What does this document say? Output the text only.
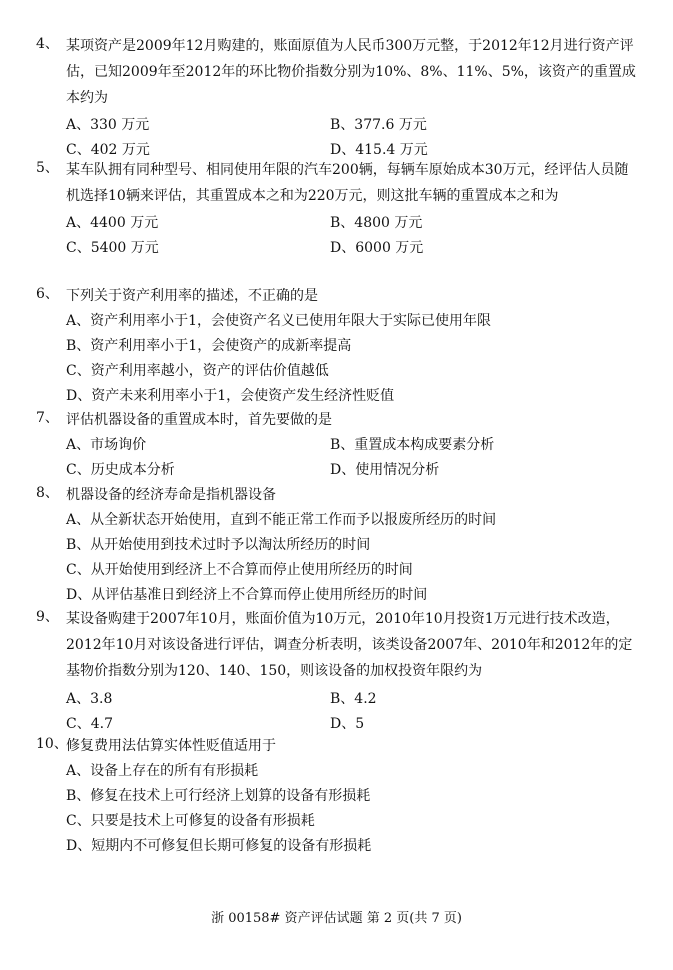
4、 某项资产是2009年12月购建的，账面原值为人民币300万元整，于2012年12月进行资产评估，已知2009年至2012年的环比物价指数分别为10%、8%、11%、5%，该资产的重置成本约为
A、330 万元	B、377.6 万元
C、402 万元	D、415.4 万元
5、 某车队拥有同种型号、相同使用年限的汽车200辆，每辆车原始成本30万元，经评估人员随机选择10辆来评估，其重置成本之和为220万元，则这批车辆的重置成本之和为
A、4400 万元	B、4800 万元
C、5400 万元	D、6000 万元
6、 下列关于资产利用率的描述，不正确的是
A、资产利用率小于1，会使资产名义已使用年限大于实际已使用年限
B、资产利用率小于1，会使资产的成新率提高
C、资产利用率越小，资产的评估价值越低
D、资产未来利用率小于1，会使资产发生经济性贬值
7、 评估机器设备的重置成本时，首先要做的是
A、市场询价	B、重置成本构成要素分析
C、历史成本分析	D、使用情况分析
8、 机器设备的经济寿命是指机器设备
A、从全新状态开始使用，直到不能正常工作而予以报废所经历的时间
B、从开始使用到技术过时予以淘汰所经历的时间
C、从开始使用到经济上不合算而停止使用所经历的时间
D、从评估基准日到经济上不合算而停止使用所经历的时间
9、 某设备购建于2007年10月，账面价值为10万元，2010年10月投资1万元进行技术改造，2012年10月对该设备进行评估，调查分析表明，该类设备2007年、2010年和2012年的定基物价指数分别为120、140、150，则该设备的加权投资年限约为
A、3.8	B、4.2
C、4.7	D、5
10、
修复费用法估算实体性贬值适用于
A、设备上存在的所有有形损耗
B、修复在技术上可行经济上划算的设备有形损耗
C、只要是技术上可修复的设备有形损耗
D、短期内不可修复但长期可修复的设备有形损耗
浙 00158# 资产评估试题 第 2 页(共 7 页)
